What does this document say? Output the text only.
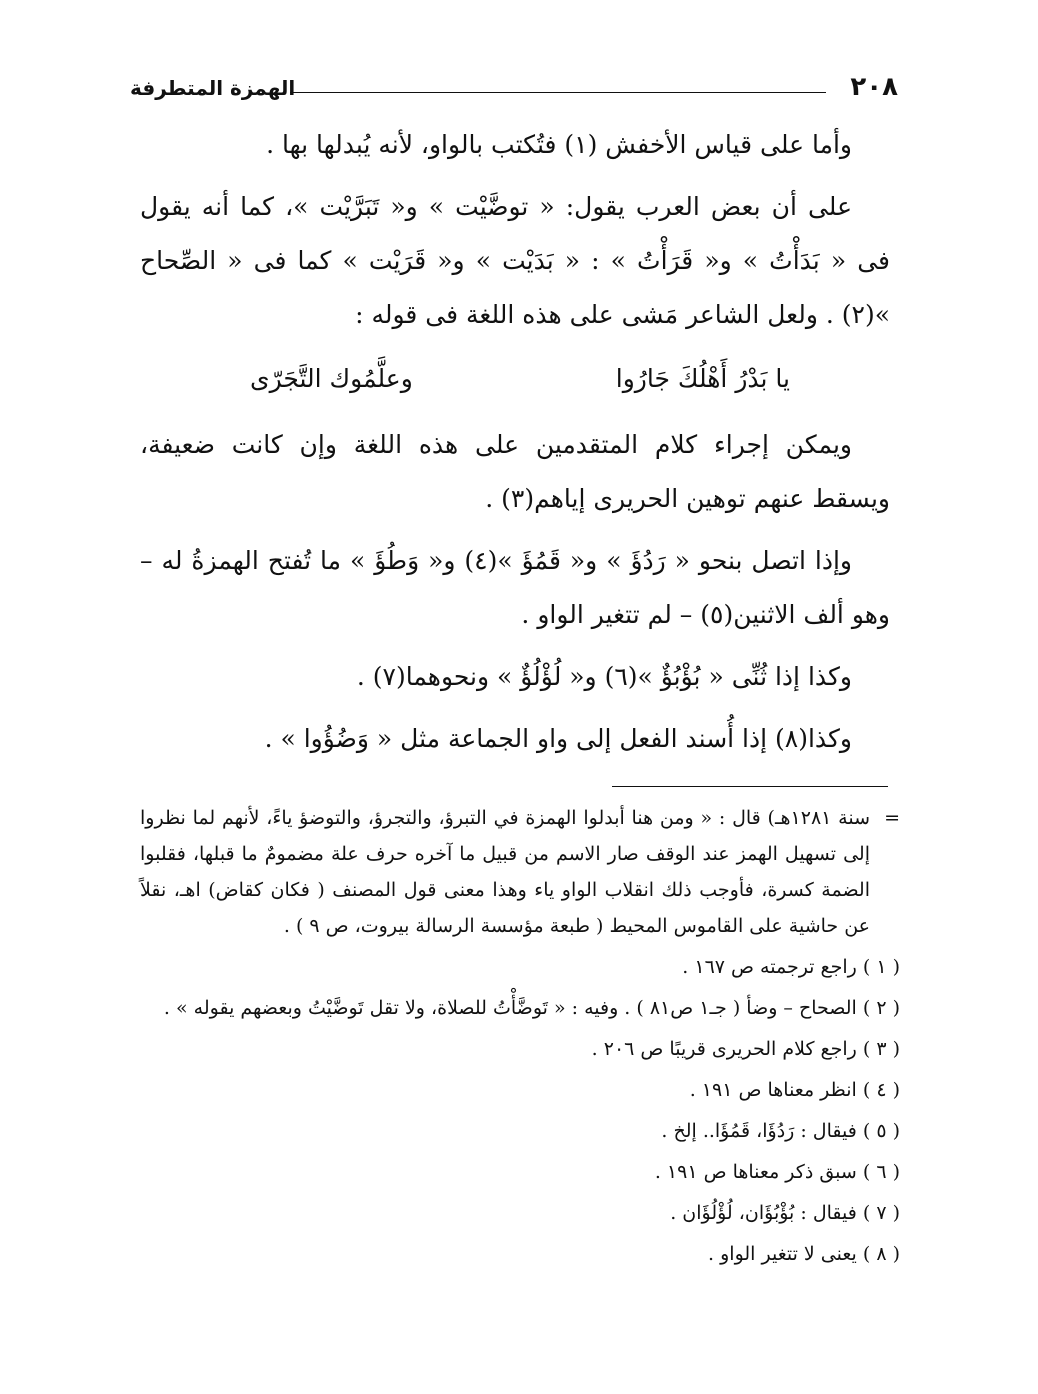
٢٠٨
الهمزة المتطرفة

وأما على قياس الأخفش (١) فتُكتب بالواو، لأنه يُبدلها بها .

على أن بعض العرب يقول: « توضَّيْت » و« تَبَرَّيْت »، كما أنه يقول فى « بَدَأْتُ » و« قَرَأْتُ » : « بَدَيْت » و« قَرَيْت » كما فى « الصِّحاح »(٢) . ولعل الشاعر مَشى على هذه اللغة فى قوله :

يا بَدْرُ أَهْلُكَ جَارُوا
وعلَّمُوك التَّجَرّى

ويمكن إجراء كلام المتقدمين على هذه اللغة وإن كانت ضعيفة، ويسقط عنهم توهين الحريرى إياهم(٣) .

وإذا اتصل بنحو « رَدُؤَ » و« قَمُؤَ »(٤) و« وَطُؤَ » ما تُفتح الهمزةُ له –وهو ألف الاثنين(٥) – لم تتغير الواو .

وكذا إذا ثُنِّى « بُؤْبُؤٌ »(٦) و« لُؤْلُؤٌ » ونحوهما(٧) .

وكذا(٨) إذا أُسند الفعل إلى واو الجماعة مثل « وَضُؤُوا » .

=
سنة ١٢٨١هـ) قال : « ومن هنا أبدلوا الهمزة في التبرؤ، والتجرؤ، والتوضؤ ياءً، لأنهم لما نظروا إلى تسهيل الهمز عند الوقف صار الاسم من قبيل ما آخره حرف علة مضمومٌ ما قبلها، فقلبوا الضمة كسرة، فأوجب ذلك انقلاب الواو ياء وهذا معنى قول المصنف ( فكان كقاض) اهـ، نقلاً عن حاشية على القاموس المحيط ( طبعة مؤسسة الرسالة بيروت، ص ٩ ) .

( ١ ) راجع ترجمته ص ١٦٧ .

( ٢ ) الصحاح – وضأ ( جـ١ ص٨١ ) . وفيه : « تَوضَّأْتُ للصلاة، ولا تقل تَوضَّيْتُ وبعضهم يقوله » .

( ٣ ) راجع كلام الحريرى قريبًا ص ٢٠٦ .

( ٤ ) انظر معناها ص ١٩١ .

( ٥ ) فيقال : رَدُؤَا، قَمُؤَا.. إلخ .

( ٦ ) سبق ذكر معناها ص ١٩١ .

( ٧ ) فيقال : بُؤْبُؤَان، لُؤْلُؤَان .

( ٨ ) يعنى لا تتغير الواو .
